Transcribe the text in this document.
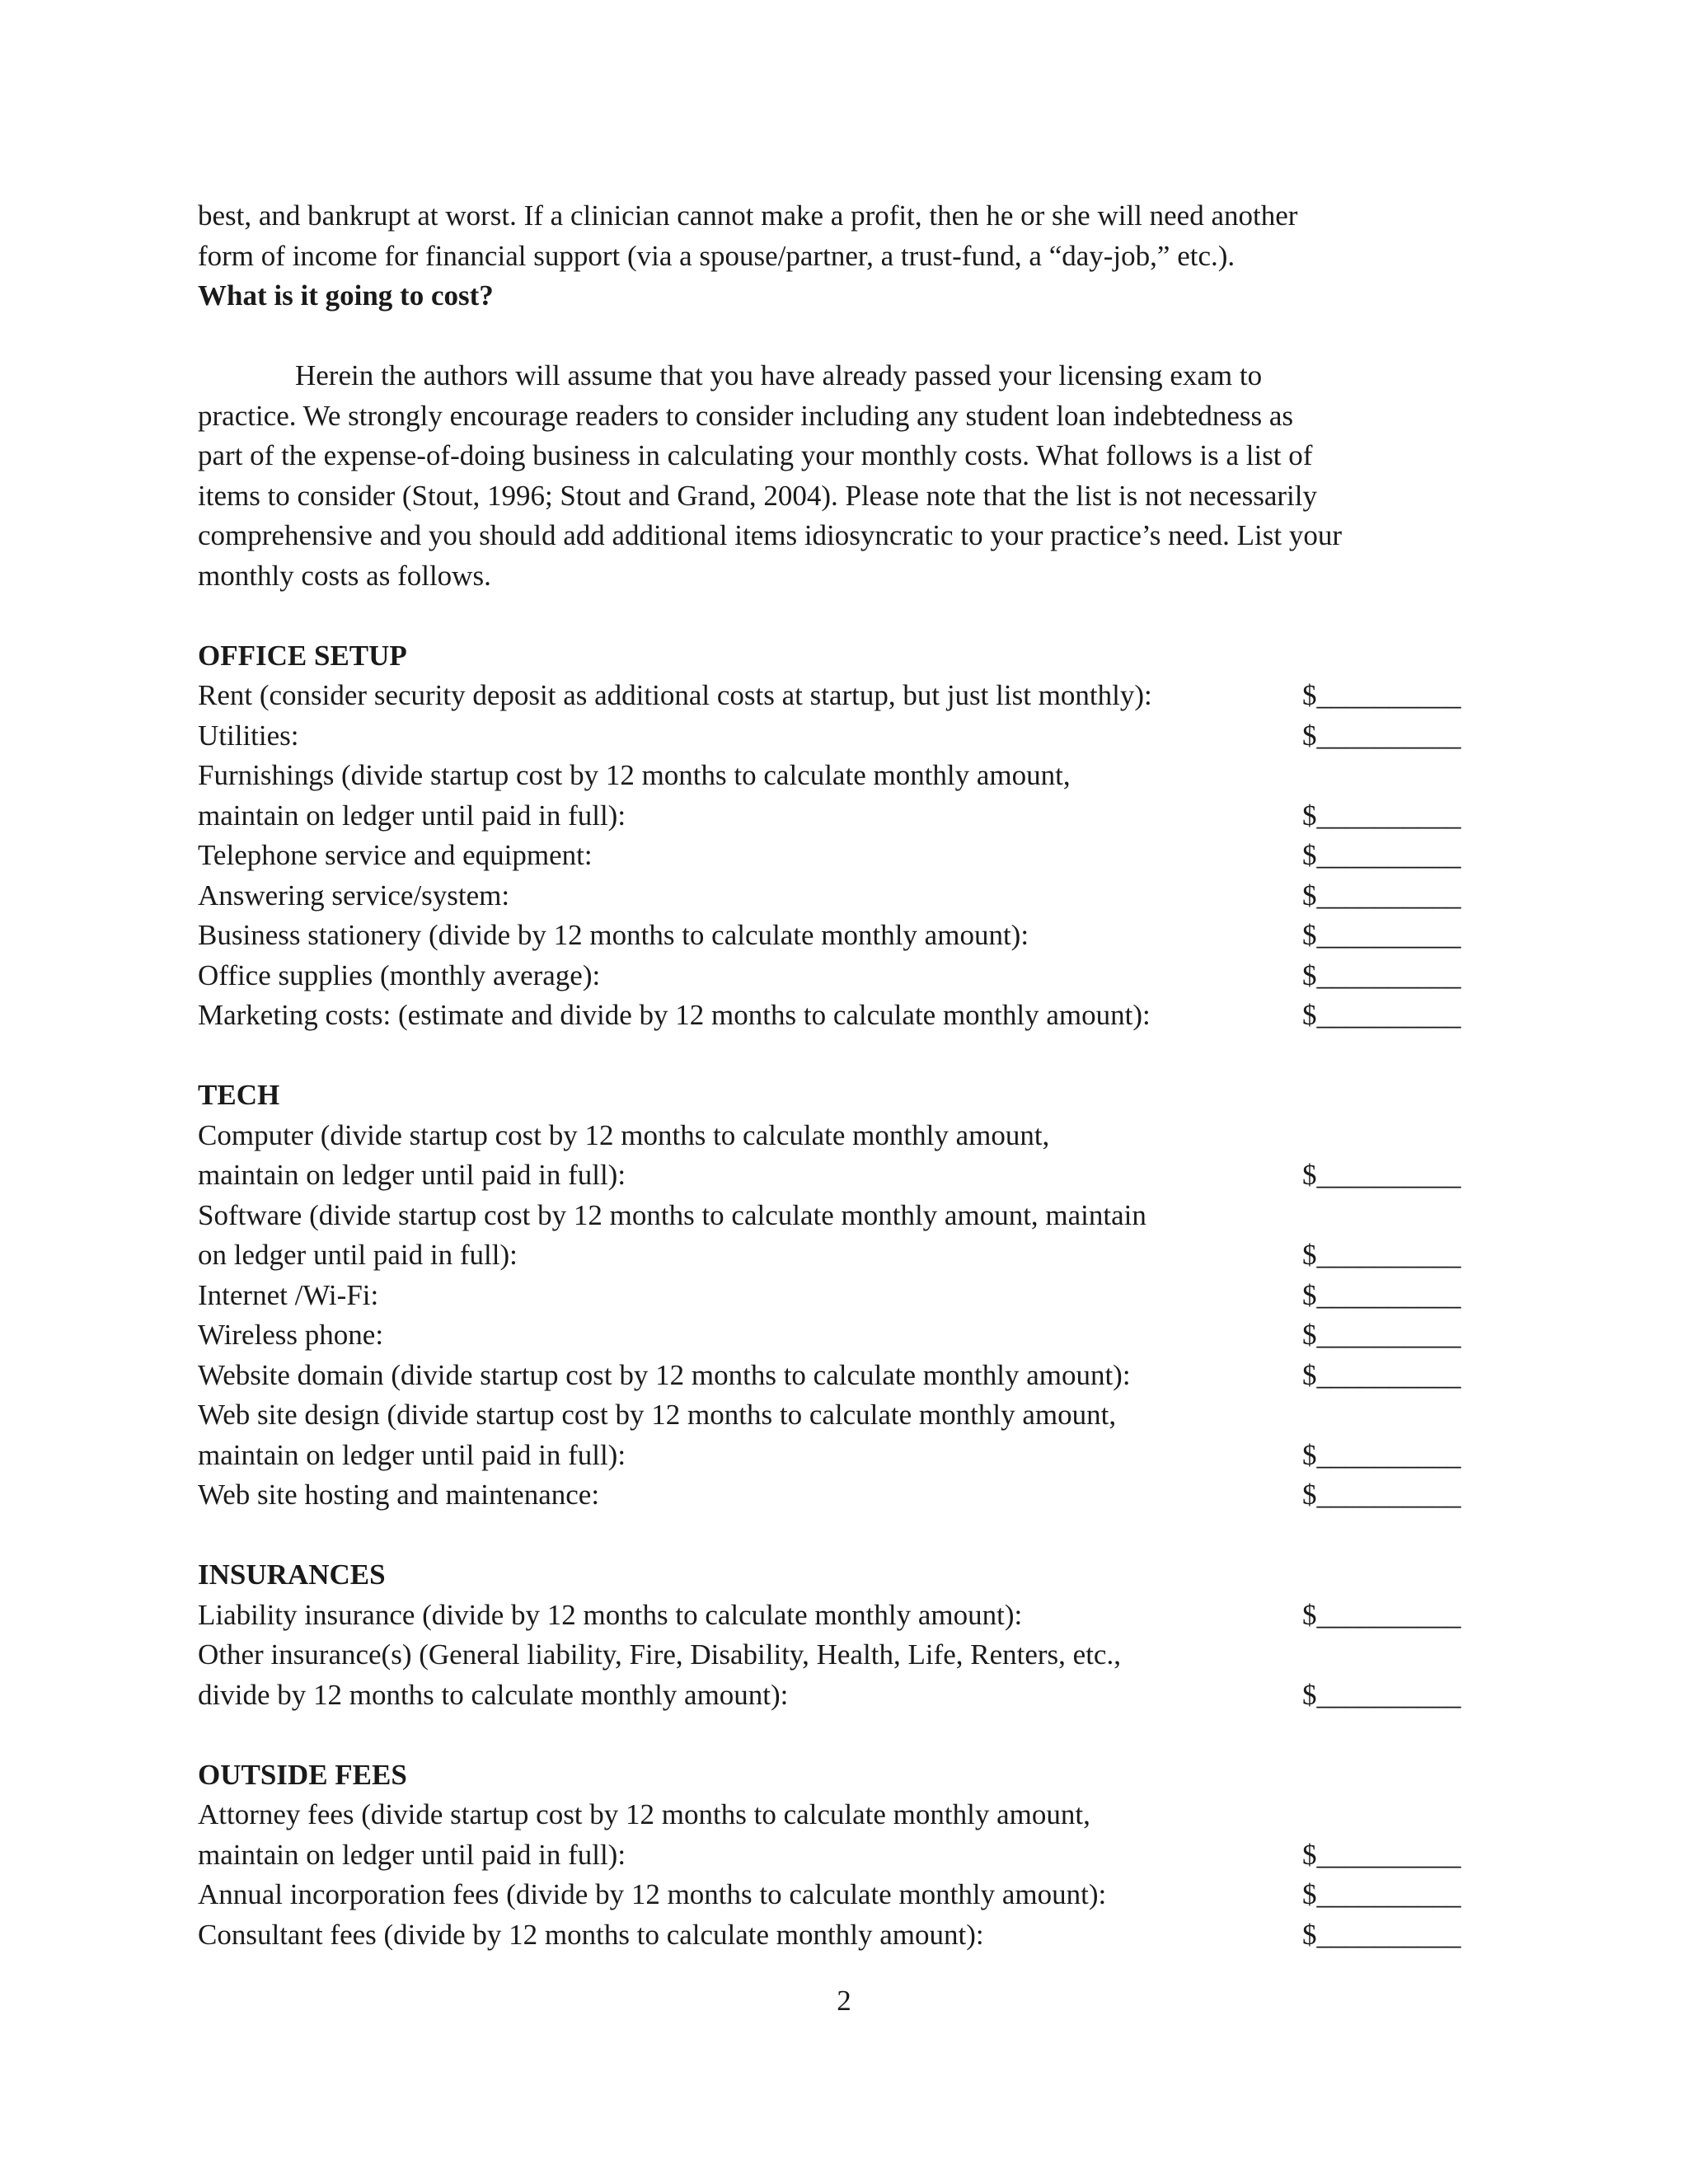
best, and bankrupt at worst. If a clinician cannot make a profit, then he or she will need another
form of income for financial support (via a spouse/partner, a trust-fund, a “day-job,” etc.).
What is it going to cost?
Herein the authors will assume that you have already passed your licensing exam to
practice. We strongly encourage readers to consider including any student loan indebtedness as
part of the expense-of-doing business in calculating your monthly costs. What follows is a list of
items to consider (Stout, 1996; Stout and Grand, 2004). Please note that the list is not necessarily
comprehensive and you should add additional items idiosyncratic to your practice’s need. List your
monthly costs as follows.
OFFICE SETUP
Rent (consider security deposit as additional costs at startup, but just list monthly):	$__________
Utilities:	$__________
Furnishings (divide startup cost by 12 months to calculate monthly amount,
maintain on ledger until paid in full):	$__________
Telephone service and equipment:	$__________
Answering service/system:	$__________
Business stationery (divide by 12 months to calculate monthly amount):	$__________
Office supplies (monthly average):	$__________
Marketing costs: (estimate and divide by 12 months to calculate monthly amount):	$__________
TECH
Computer (divide startup cost by 12 months to calculate monthly amount,
maintain on ledger until paid in full):	$__________
Software (divide startup cost by 12 months to calculate monthly amount, maintain
on ledger until paid in full):	$__________
Internet /Wi-Fi:	$__________
Wireless phone:	$__________
Website domain (divide startup cost by 12 months to calculate monthly amount):	$__________
Web site design (divide startup cost by 12 months to calculate monthly amount,
maintain on ledger until paid in full):	$__________
Web site hosting and maintenance:	$__________
INSURANCES
Liability insurance (divide by 12 months to calculate monthly amount):	$__________
Other insurance(s) (General liability, Fire, Disability, Health, Life, Renters, etc.,
divide by 12 months to calculate monthly amount):	$__________
OUTSIDE FEES
Attorney fees (divide startup cost by 12 months to calculate monthly amount,
maintain on ledger until paid in full):	$__________
Annual incorporation fees (divide by 12 months to calculate monthly amount):	$__________
Consultant fees (divide by 12 months to calculate monthly amount):	$__________
2
